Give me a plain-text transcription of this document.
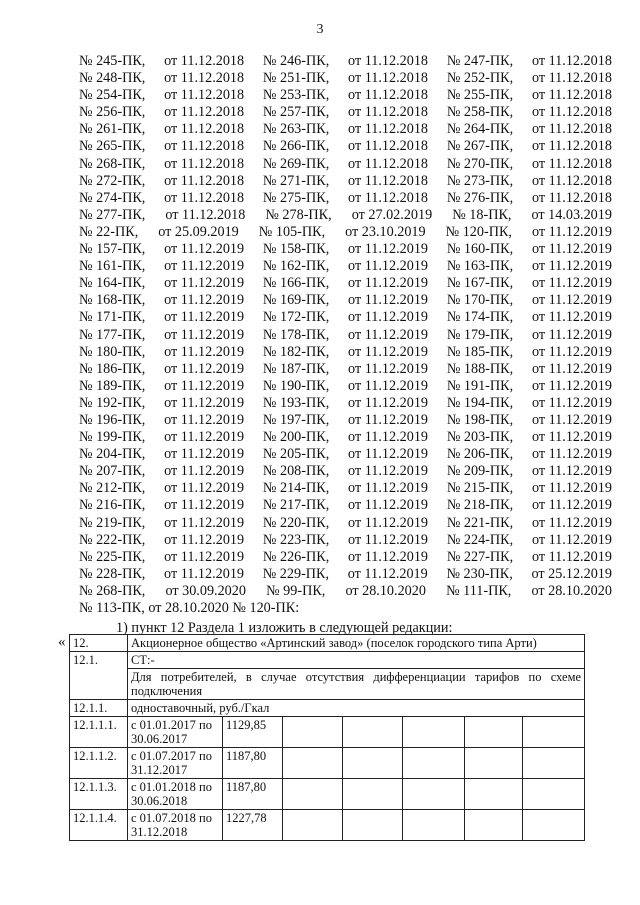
3
№ 245-ПК, от 11.12.2018 № 246-ПК, от 11.12.2018 № 247-ПК, от 11.12.2018
№ 248-ПК, от 11.12.2018 № 251-ПК, от 11.12.2018 № 252-ПК, от 11.12.2018
№ 254-ПК, от 11.12.2018 № 253-ПК, от 11.12.2018 № 255-ПК, от 11.12.2018
№ 256-ПК, от 11.12.2018 № 257-ПК, от 11.12.2018 № 258-ПК, от 11.12.2018
№ 261-ПК, от 11.12.2018 № 263-ПК, от 11.12.2018 № 264-ПК, от 11.12.2018
№ 265-ПК, от 11.12.2018 № 266-ПК, от 11.12.2018 № 267-ПК, от 11.12.2018
№ 268-ПК, от 11.12.2018 № 269-ПК, от 11.12.2018 № 270-ПК, от 11.12.2018
№ 272-ПК, от 11.12.2018 № 271-ПК, от 11.12.2018 № 273-ПК, от 11.12.2018
№ 274-ПК, от 11.12.2018 № 275-ПК, от 11.12.2018 № 276-ПК, от 11.12.2018
№ 277-ПК, от 11.12.2018 № 278-ПК, от 27.02.2019 № 18-ПК, от 14.03.2019
№ 22-ПК, от 25.09.2019 № 105-ПК, от 23.10.2019 № 120-ПК, от 11.12.2019
№ 157-ПК, от 11.12.2019 № 158-ПК, от 11.12.2019 № 160-ПК, от 11.12.2019
№ 161-ПК, от 11.12.2019 № 162-ПК, от 11.12.2019 № 163-ПК, от 11.12.2019
№ 164-ПК, от 11.12.2019 № 166-ПК, от 11.12.2019 № 167-ПК, от 11.12.2019
№ 168-ПК, от 11.12.2019 № 169-ПК, от 11.12.2019 № 170-ПК, от 11.12.2019
№ 171-ПК, от 11.12.2019 № 172-ПК, от 11.12.2019 № 174-ПК, от 11.12.2019
№ 177-ПК, от 11.12.2019 № 178-ПК, от 11.12.2019 № 179-ПК, от 11.12.2019
№ 180-ПК, от 11.12.2019 № 182-ПК, от 11.12.2019 № 185-ПК, от 11.12.2019
№ 186-ПК, от 11.12.2019 № 187-ПК, от 11.12.2019 № 188-ПК, от 11.12.2019
№ 189-ПК, от 11.12.2019 № 190-ПК, от 11.12.2019 № 191-ПК, от 11.12.2019
№ 192-ПК, от 11.12.2019 № 193-ПК, от 11.12.2019 № 194-ПК, от 11.12.2019
№ 196-ПК, от 11.12.2019 № 197-ПК, от 11.12.2019 № 198-ПК, от 11.12.2019
№ 199-ПК, от 11.12.2019 № 200-ПК, от 11.12.2019 № 203-ПК, от 11.12.2019
№ 204-ПК, от 11.12.2019 № 205-ПК, от 11.12.2019 № 206-ПК, от 11.12.2019
№ 207-ПК, от 11.12.2019 № 208-ПК, от 11.12.2019 № 209-ПК, от 11.12.2019
№ 212-ПК, от 11.12.2019 № 214-ПК, от 11.12.2019 № 215-ПК, от 11.12.2019
№ 216-ПК, от 11.12.2019 № 217-ПК, от 11.12.2019 № 218-ПК, от 11.12.2019
№ 219-ПК, от 11.12.2019 № 220-ПК, от 11.12.2019 № 221-ПК, от 11.12.2019
№ 222-ПК, от 11.12.2019 № 223-ПК, от 11.12.2019 № 224-ПК, от 11.12.2019
№ 225-ПК, от 11.12.2019 № 226-ПК, от 11.12.2019 № 227-ПК, от 11.12.2019
№ 228-ПК, от 11.12.2019 № 229-ПК, от 11.12.2019 № 230-ПК, от 25.12.2019
№ 268-ПК, от 30.09.2020 № 99-ПК, от 28.10.2020 № 111-ПК, от 28.10.2020
№ 113-ПК, от 28.10.2020 № 120-ПК:
1) пункт 12 Раздела 1 изложить в следующей редакции:
« 12.	Акционерное общество «Артинский завод» (поселок городского типа Арти)						
12.1.	СТ:-						
	Для потребителей, в случае отсутствия дифференциации тарифов по схеме подключения						
12.1.1.	одноставочный, руб./Гкал						
12.1.1.1.	с 01.01.2017 по 30.06.2017	1129,85					
12.1.1.2.	с 01.07.2017 по 31.12.2017	1187,80					
12.1.1.3.	с 01.01.2018 по 30.06.2018	1187,80					
12.1.1.4.	с 01.07.2018 по 31.12.2018	1227,78					
